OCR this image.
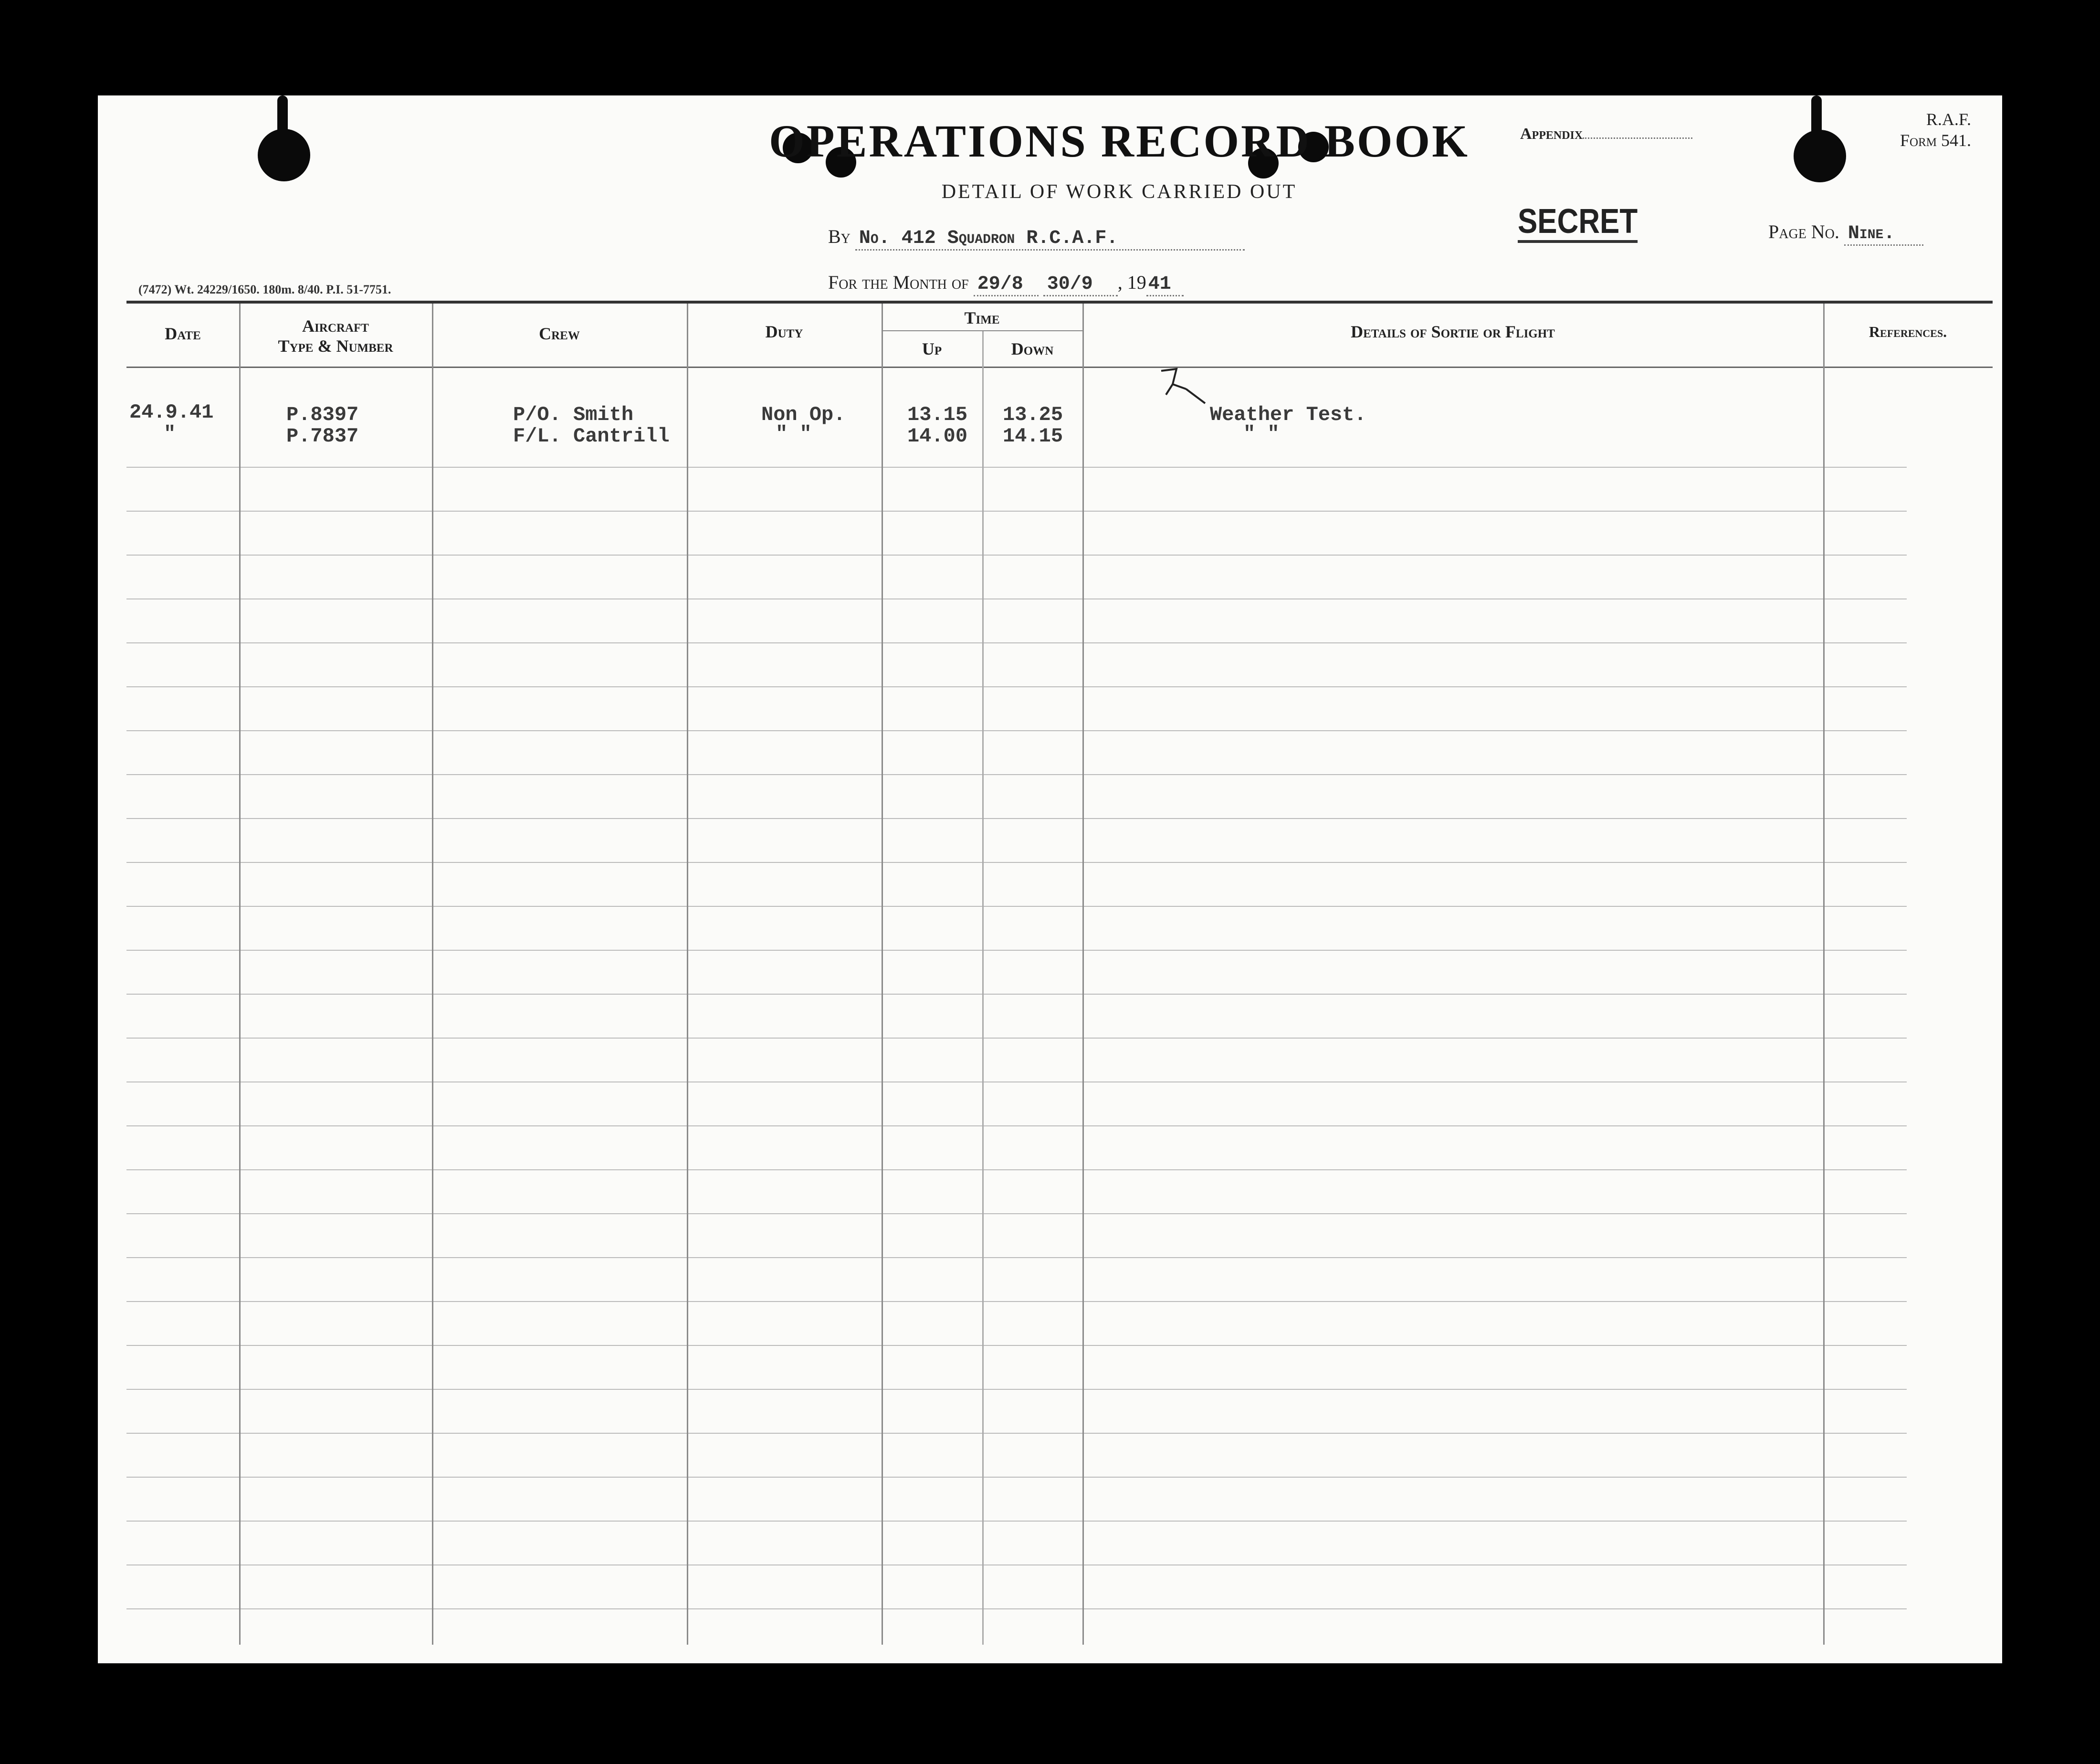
OPERATIONS RECORD BOOK
DETAIL OF WORK CARRIED OUT
Appendix
R.A.F.
Form 541.
By No. 412 Squadron R.C.A.F.	SECRET	Page No. Nine.
For the Month of 29/8 30/9 , 19 41
(7472) Wt. 24229/1650. 180m. 8/40. P.I. 51-7751.
Date	Aircraft
Type & Number
Crew	Duty
Time
Up	Down
Details of Sortie or Flight	References.
24.9.41	P.8397	P/O. Smith	Non Op.	13.15 13.25	Weather Test.
"	P.7837	F/L. Cantrill	" "	14.00 14.15	" "
